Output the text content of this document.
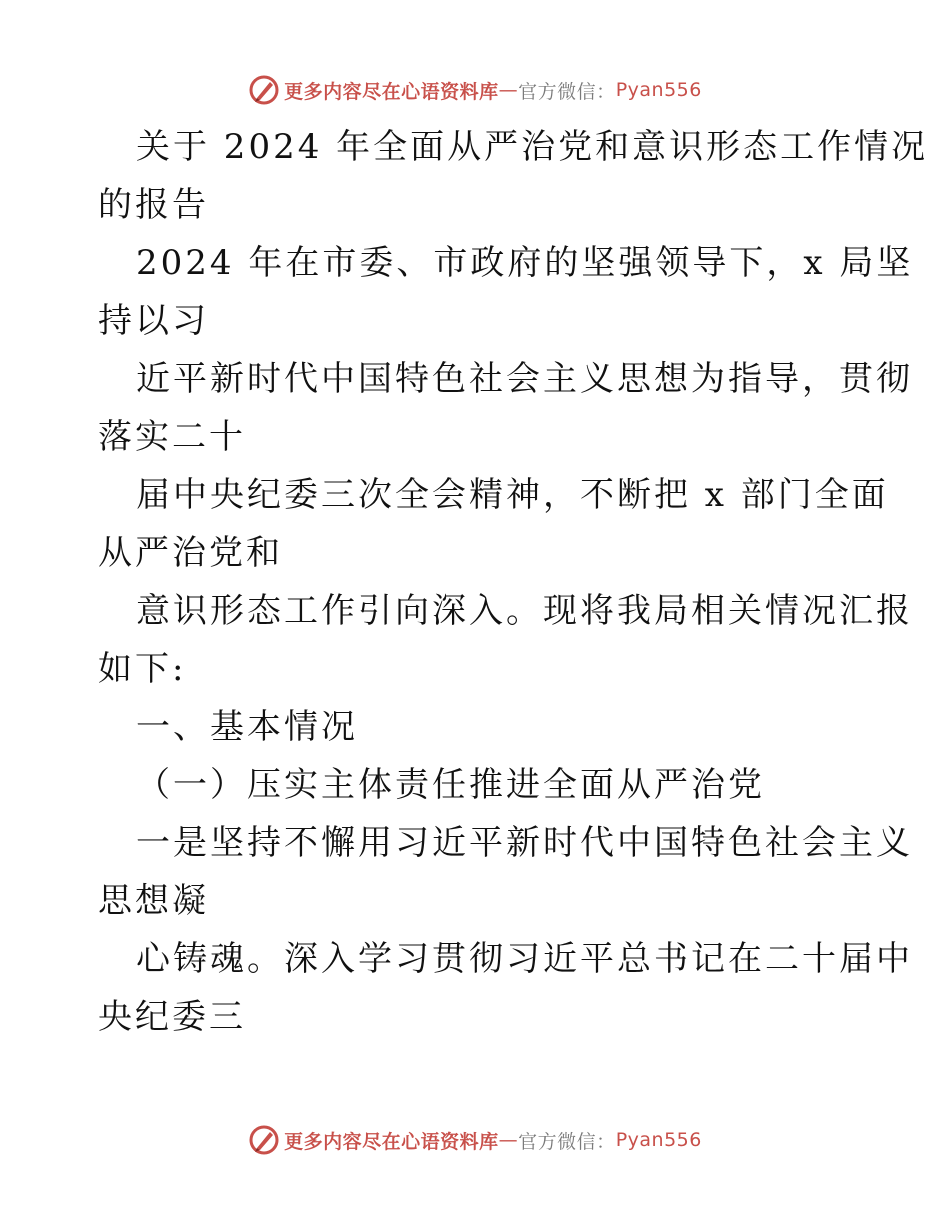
更多内容尽在心语资料库 — 官方微信： Pyan556
关于 2024 年全面从严治党和意识形态工作情况
的报告
2024 年在市委、市政府的坚强领导下，x 局坚
持以习
近平新时代中国特色社会主义思想为指导，贯彻
落实二十
届中央纪委三次全会精神，不断把 x 部门全面
从严治党和
意识形态工作引向深入。现将我局相关情况汇报
如下:
一、基本情况
（一）压实主体责任推进全面从严治党
一是坚持不懈用习近平新时代中国特色社会主义
思想凝
心铸魂。深入学习贯彻习近平总书记在二十届中
央纪委三
更多内容尽在心语资料库 — 官方微信： Pyan556
